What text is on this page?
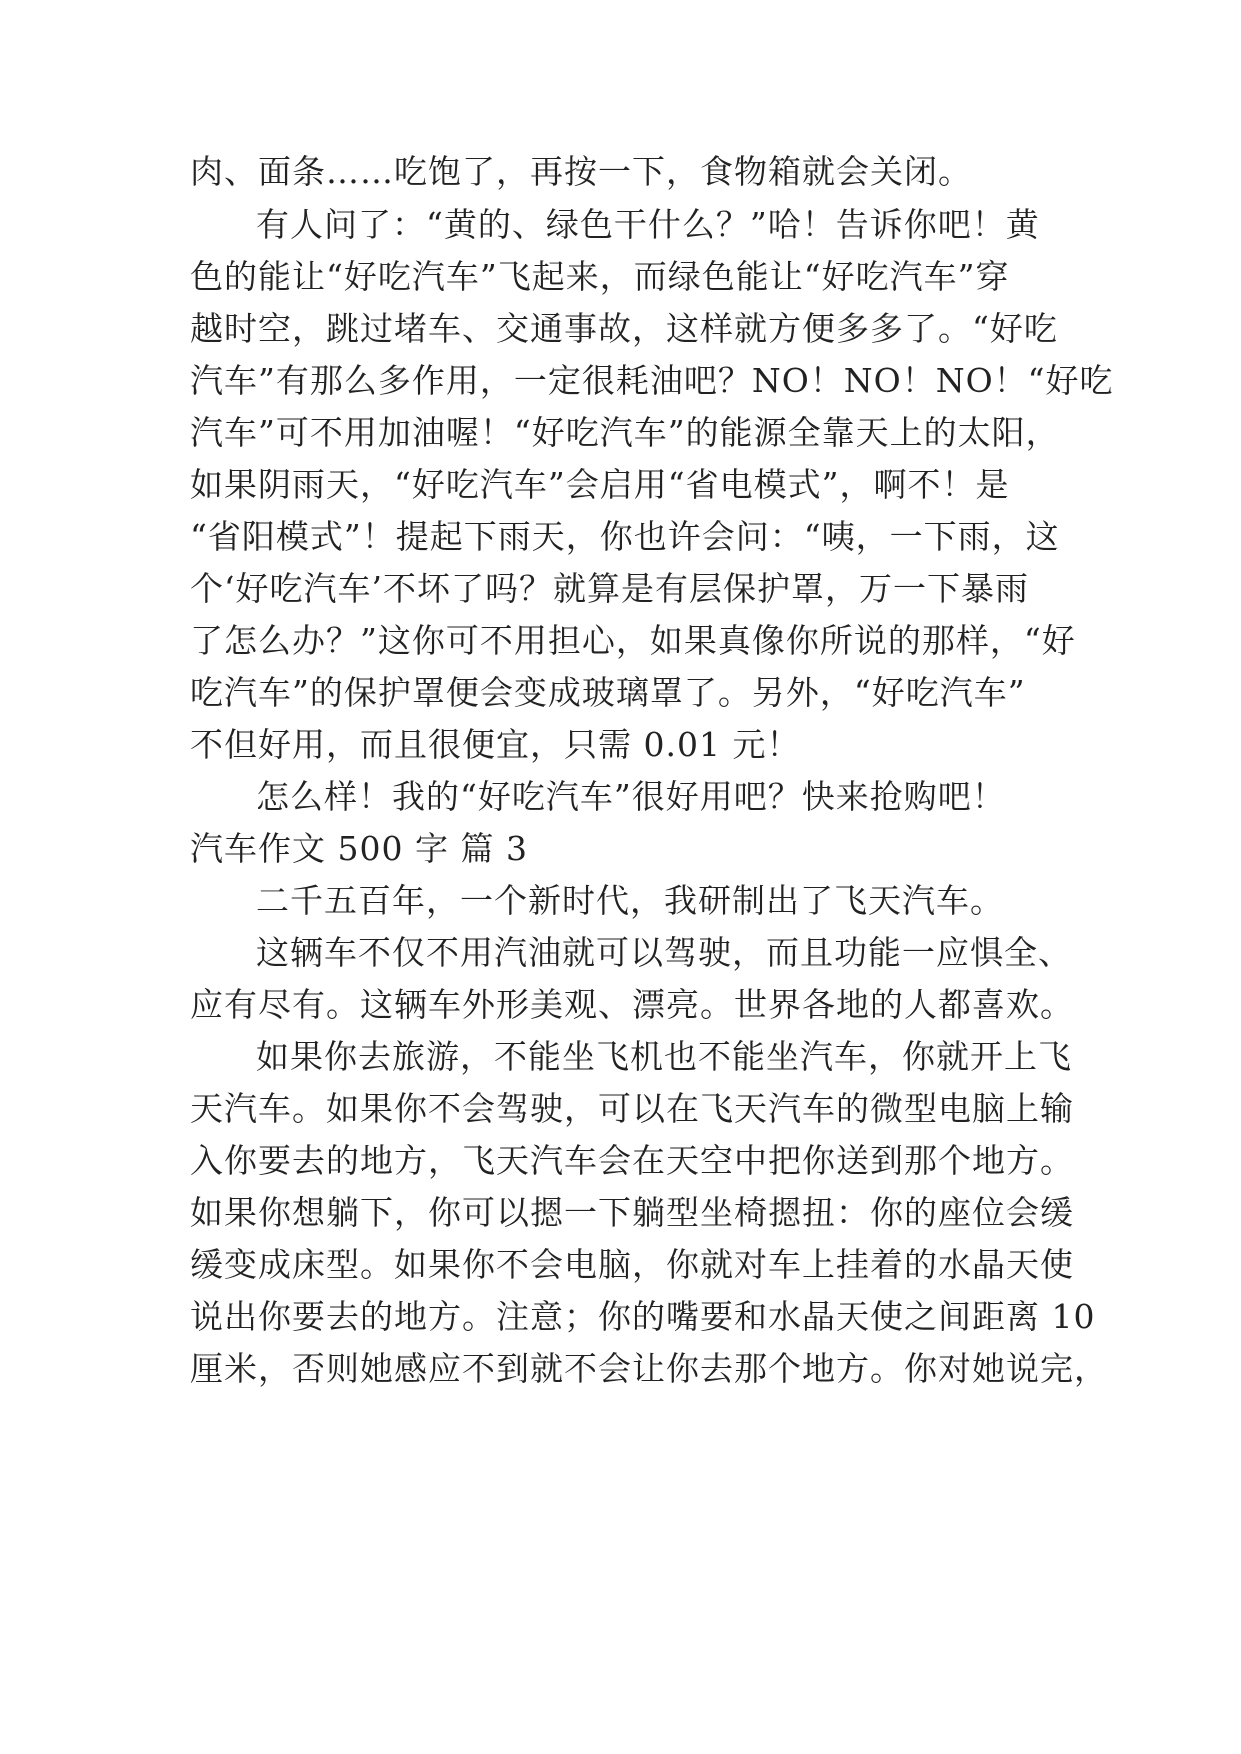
肉、面条……吃饱了，再按一下，食物箱就会关闭。

有人问了：“黄的、绿色干什么？”哈！告诉你吧！黄

色的能让“好吃汽车”飞起来，而绿色能让“好吃汽车”穿

越时空，跳过堵车、交通事故，这样就方便多多了。“好吃

汽车”有那么多作用，一定很耗油吧？NO！NO！NO！“好吃

汽车”可不用加油喔！“好吃汽车”的能源全靠天上的太阳，

如果阴雨天，“好吃汽车”会启用“省电模式”，啊不！是

“省阳模式”！提起下雨天，你也许会问：“咦，一下雨，这

个‘好吃汽车’不坏了吗？就算是有层保护罩，万一下暴雨

了怎么办？”这你可不用担心，如果真像你所说的那样，“好

吃汽车”的保护罩便会变成玻璃罩了。另外，“好吃汽车”

不但好用，而且很便宜，只需 0.01 元！

怎么样！我的“好吃汽车”很好用吧？快来抢购吧！

汽车作文 500 字 篇 3

二千五百年，一个新时代，我研制出了飞天汽车。

这辆车不仅不用汽油就可以驾驶，而且功能一应惧全、

应有尽有。这辆车外形美观、漂亮。世界各地的人都喜欢。

如果你去旅游，不能坐飞机也不能坐汽车，你就开上飞

天汽车。如果你不会驾驶，可以在飞天汽车的微型电脑上输

入你要去的地方，飞天汽车会在天空中把你送到那个地方。

如果你想躺下，你可以摁一下躺型坐椅摁扭：你的座位会缓

缓变成床型。如果你不会电脑，你就对车上挂着的水晶天使

说出你要去的地方。注意；你的嘴要和水晶天使之间距离 10

厘米，否则她感应不到就不会让你去那个地方。你对她说完，
